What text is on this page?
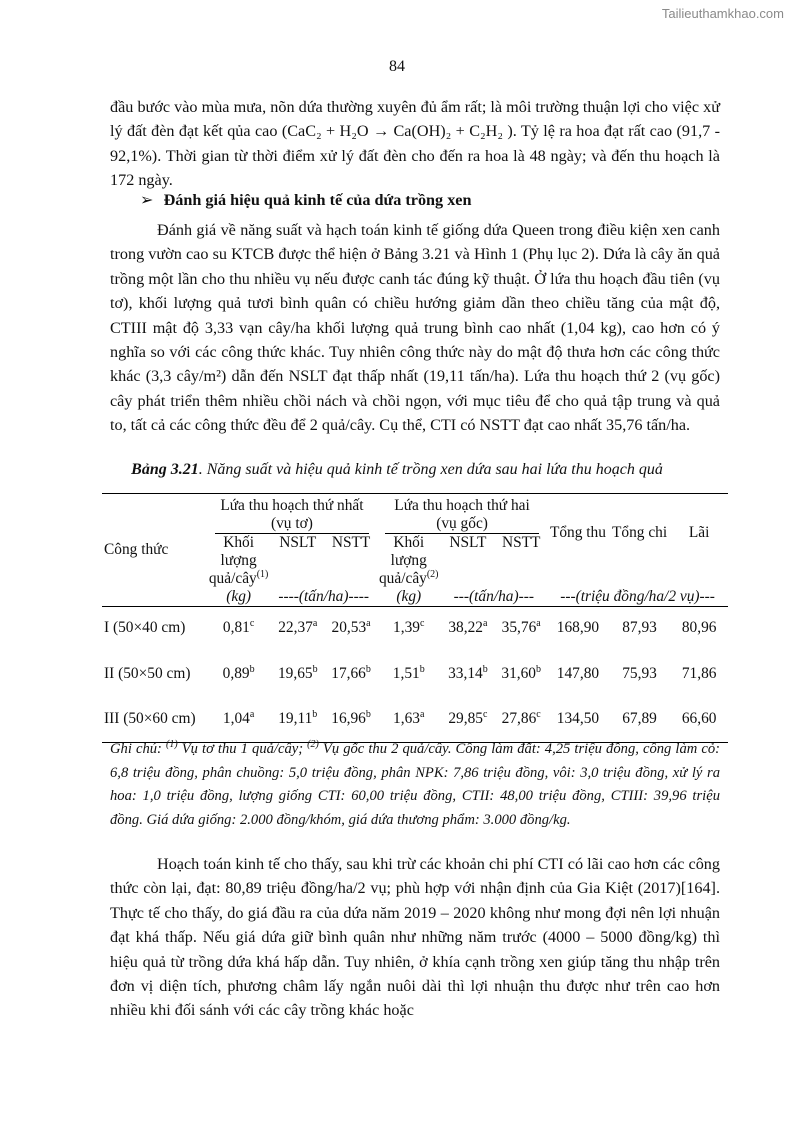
Tailieuthamkhao.com
84

đầu bước vào mùa mưa, nõn dứa thường xuyên đủ ẩm rất; là môi trường thuận lợi cho việc xử lý đất đèn đạt kết qủa cao (CaC₂ + H₂O → Ca(OH)₂ + C₂H₂ ). Tỷ lệ ra hoa đạt rất cao (91,7 - 92,1%). Thời gian từ thời điểm xử lý đất đèn cho đến ra hoa là 48 ngày; và đến thu hoạch là 172 ngày.

➢ Đánh giá hiệu quả kinh tế của dứa trồng xen

Đánh giá về năng suất và hạch toán kinh tế giống dứa Queen trong điều kiện xen canh trong vườn cao su KTCB được thể hiện ở Bảng 3.21 và Hình 1 (Phụ lục 2). Dứa là cây ăn quả trồng một lần cho thu nhiều vụ nếu được canh tác đúng kỹ thuật. Ở lứa thu hoạch đầu tiên (vụ tơ), khối lượng quả tươi bình quân có chiều hướng giảm dần theo chiều tăng của mật độ, CTIII mật độ 3,33 vạn cây/ha khối lượng quả trung bình cao nhất (1,04 kg), cao hơn có ý nghĩa so với các công thức khác. Tuy nhiên công thức này do mật độ thưa hơn các công thức khác (3,3 cây/m²) dẫn đến NSLT đạt thấp nhất (19,11 tấn/ha). Lứa thu hoạch thứ 2 (vụ gốc) cây phát triển thêm nhiều chồi nách và chồi ngọn, với mục tiêu để cho quả tập trung và quả to, tất cả các công thức đều để 2 quả/cây. Cụ thể, CTI có NSTT đạt cao nhất 35,76 tấn/ha.

Bảng 3.21. Năng suất và hiệu quả kinh tế trồng xen dứa sau hai lứa thu hoạch quả
Công thức	Lứa thu hoạch thứ nhất (vụ tơ)			Lứa thu hoạch thứ hai (vụ gốc)			Tổng thu	Tổng chi	Lãi
	Khối lượng quả/cây$^{(1)}$	NSLT	NSTT	Khối lượng quả/cây$^{(2)}$	NSLT	NSTT			
	(kg)	----(tấn/ha)----		(kg)	---(tấn/ha)---		---(triệu đồng/ha/2 vụ)---		
I (50×40 cm)	0,81$^c$	22,37$^a$	20,53$^a$	1,39$^c$	38,22$^a$	35,76$^a$	168,90	87,93	80,96
II (50×50 cm)	0,89$^b$	19,65$^b$	17,66$^b$	1,51$^b$	33,14$^b$	31,60$^b$	147,80	75,93	71,86
III (50×60 cm)	1,04$^a$	19,11$^b$	16,96$^b$	1,63$^a$	29,85$^c$	27,86$^c$	134,50	67,89	66,60
Ghi chú: $^{(1)}$ Vụ tơ thu 1 quả/cây; $^{(2)}$ Vụ gốc thu 2 quả/cây. Công làm đất: 4,25 triệu đồng, công làm cỏ: 6,8 triệu đồng, phân chuồng: 5,0 triệu đồng, phân NPK: 7,86 triệu đồng, vôi: 3,0 triệu đồng, xử lý ra hoa: 1,0 triệu đồng, lượng giống CTI: 60,00 triệu đồng, CTII: 48,00 triệu đồng, CTIII: 39,96 triệu đồng. Giá dứa giống: 2.000 đồng/khóm, giá dứa thương phẩm: 3.000 đồng/kg.

Hoạch toán kinh tế cho thấy, sau khi trừ các khoản chi phí CTI có lãi cao hơn các công thức còn lại, đạt: 80,89 triệu đồng/ha/2 vụ; phù hợp với nhận định của Gia Kiệt (2017)[164]. Thực tế cho thấy, do giá đầu ra của dứa năm 2019 – 2020 không như mong đợi nên lợi nhuận đạt khá thấp. Nếu giá dứa giữ bình quân như những năm trước (4000 – 5000 đồng/kg) thì hiệu quả từ trồng dứa khá hấp dẫn. Tuy nhiên, ở khía cạnh trồng xen giúp tăng thu nhập trên đơn vị diện tích, phương châm lấy ngắn nuôi dài thì lợi nhuận thu được như trên cao hơn nhiều khi đối sánh với các cây trồng khác hoặc
